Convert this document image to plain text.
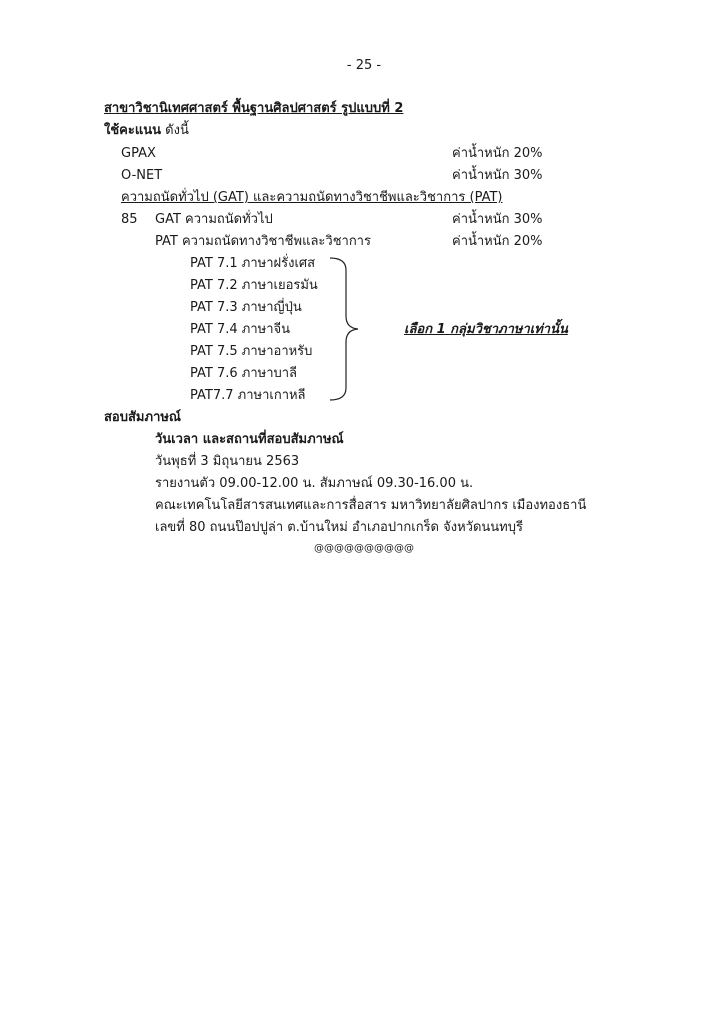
- 25 -
สาขาวิชานิเทศศาสตร์ พื้นฐานศิลปศาสตร์ รูปแบบที่ 2
ใช้คะแนน ดังนี้
GPAX	ค่าน้ำหนัก 20%
O-NET	ค่าน้ำหนัก 30%
ความถนัดทั่วไป (GAT) และความถนัดทางวิชาชีพและวิชาการ (PAT)
85 GAT ความถนัดทั่วไป	ค่าน้ำหนัก 30%
PAT ความถนัดทางวิชาชีพและวิชาการ	ค่าน้ำหนัก 20%
PAT 7.1 ภาษาฝรั่งเศส
PAT 7.2 ภาษาเยอรมัน
PAT 7.3 ภาษาญี่ปุ่น
PAT 7.4 ภาษาจีน
PAT 7.5 ภาษาอาหรับ
PAT 7.6 ภาษาบาลี
PAT7.7 ภาษาเกาหลี
เลือก 1 กลุ่มวิชาภาษาเท่านั้น
สอบสัมภาษณ์
วันเวลา และสถานที่สอบสัมภาษณ์
วันพุธที่ 3 มิถุนายน 2563
รายงานตัว 09.00-12.00 น. สัมภาษณ์ 09.30-16.00 น.
คณะเทคโนโลยีสารสนเทศและการสื่อสาร มหาวิทยาลัยศิลปากร เมืองทองธานี
เลขที่ 80 ถนนป๊อปปูล่า ต.บ้านใหม่ อำเภอปากเกร็ด จังหวัดนนทบุรี
@@@@@@@@@@
